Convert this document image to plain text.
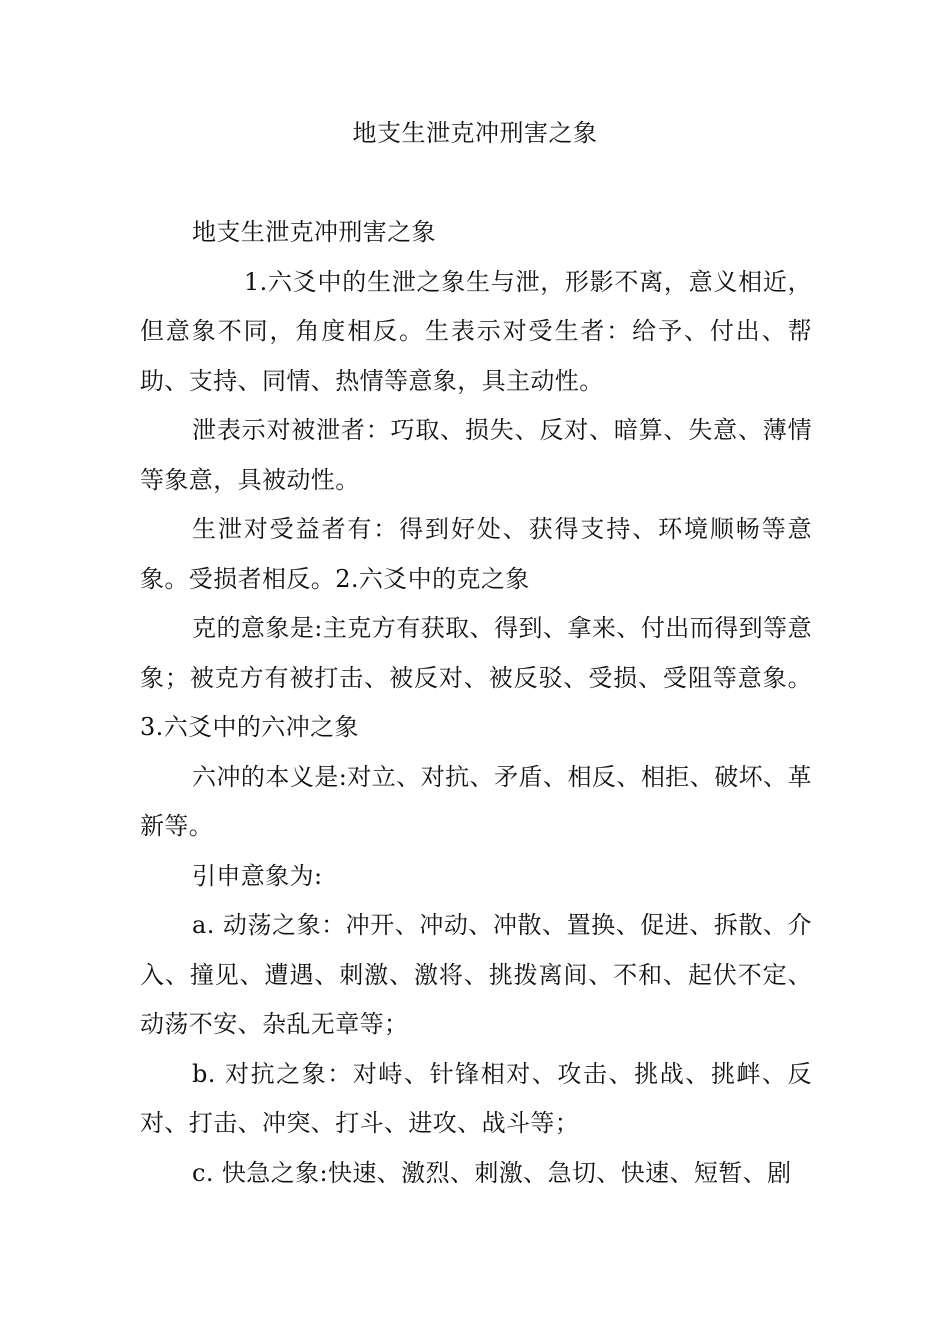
地支生泄克冲刑害之象

地支生泄克冲刑害之象

1.六爻中的生泄之象生与泄，形影不离，意义相近，但意象不同，角度相反。生表示对受生者：给予、付出、帮助、支持、同情、热情等意象，具主动性。

泄表示对被泄者：巧取、损失、反对、暗算、失意、薄情等象意，具被动性。

生泄对受益者有：得到好处、获得支持、环境顺畅等意象。受损者相反。2.六爻中的克之象

克的意象是:主克方有获取、得到、拿来、付出而得到等意象；被克方有被打击、被反对、被反驳、受损、受阻等意象。3.六爻中的六冲之象

六冲的本义是:对立、对抗、矛盾、相反、相拒、破坏、革新等。

引申意象为:

a. 动荡之象：冲开、冲动、冲散、置换、促进、拆散、介入、撞见、遭遇、刺激、激将、挑拨离间、不和、起伏不定、动荡不安、杂乱无章等；

b. 对抗之象：对峙、针锋相对、攻击、挑战、挑衅、反对、打击、冲突、打斗、进攻、战斗等；

c. 快急之象:快速、激烈、刺激、急切、快速、短暂、剧
